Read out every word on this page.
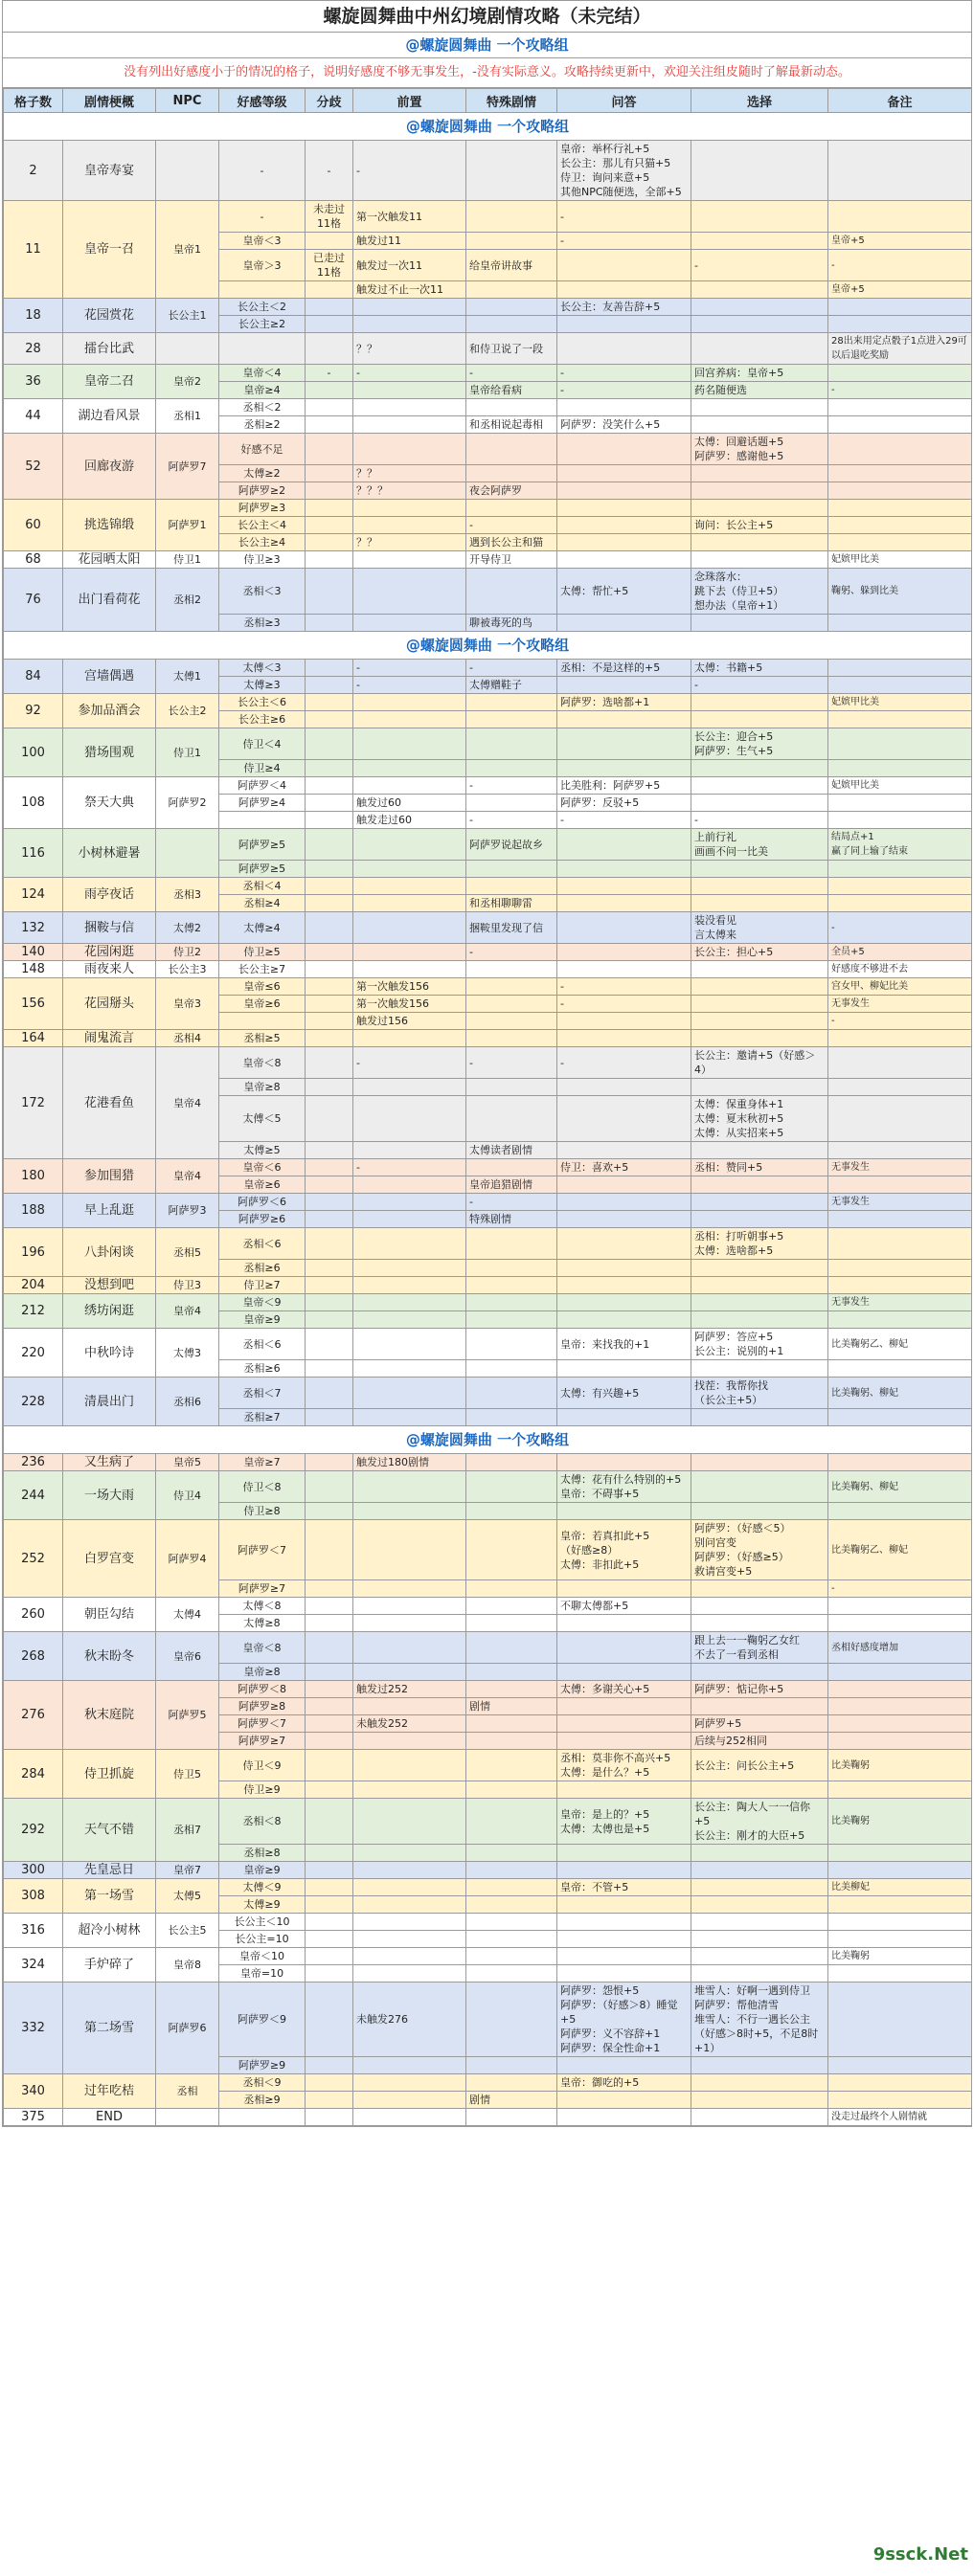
螺旋圆舞曲中州幻境剧情攻略（未完结）
@螺旋圆舞曲 一个攻略组
没有列出好感度小于的情况的格子，说明好感度不够无事发生，-没有实际意义。攻略持续更新中，欢迎关注组皮随时了解最新动态。
格子数	剧情梗概	NPC	好感等级	分歧	前置	特殊剧情	问答	选择	备注
@螺旋圆舞曲 一个攻略组									
2	皇帝寿宴		-	-	-		皇帝：举杯行礼+5
长公主：那儿有只猫+5
侍卫：询问来意+5
其他NPC随便选，全部+5		
11	皇帝一召	皇帝1	-	未走过11格	第一次触发11		-		
			皇帝＜3		触发过11		-		皇帝+5
			皇帝＞3	已走过11格	触发过一次11	给皇帝讲故事		-	-
					触发过不止一次11				皇帝+5
18	花园赏花	长公主1	长公主＜2				长公主：友善告辞+5		
			长公主≥2						
28	擂台比武				？？	和侍卫说了一段			28出来用定点骰子1点进入29可以后退吃奖励
36	皇帝二召	皇帝2	皇帝＜4	-	-	-	-	回宫养病：皇帝+5	
			皇帝≥4			皇帝给看病	-	药名随便选	-
44	湖边看风景	丞相1	丞相＜2						
			丞相≥2			和丞相说起毒相	阿萨罗：没笑什么+5		
52	回廊夜游	阿萨罗7	好感不足					太傅：回避话题+5
阿萨罗：感谢他+5	
			太傅≥2		？？				
			阿萨罗≥2		？？？	夜会阿萨罗			
60	挑选锦缎	阿萨罗1	阿萨罗≥3						
			长公主＜4			-		询问：长公主+5	
			长公主≥4		？？	遇到长公主和猫			
68	花园晒太阳	侍卫1	侍卫≥3			开导侍卫			妃嫔甲比美
76	出门看荷花	丞相2	丞相＜3				太傅：帮忙+5	念珠落水：
跳下去（侍卫+5）
想办法（皇帝+1）	鞠躬、躲到比美
			丞相≥3			聊被毒死的鸟			
@螺旋圆舞曲 一个攻略组									
84	宫墙偶遇	太傅1	太傅＜3		-	-	丞相：不是这样的+5	太傅：书籍+5	
			太傅≥3		-	太傅赠鞋子		-	
92	参加品酒会	长公主2	长公主＜6				阿萨罗：选啥都+1		妃嫔甲比美
			长公主≥6						
100	猎场围观	侍卫1	侍卫＜4					长公主：迎合+5
阿萨罗：生气+5	
			侍卫≥4						
108	祭天大典	阿萨罗2	阿萨罗＜4			-	比美胜利：阿萨罗+5		妃嫔甲比美
			阿萨罗≥4		触发过60		阿萨罗：反驳+5		
					触发走过60	-	-	-	
116	小树林避暑		阿萨罗≥5			阿萨罗说起故乡		上前行礼
画画不问一比美	结局点+1
赢了同上输了结束
			阿萨罗≥5						
124	雨亭夜话	丞相3	丞相＜4						
			丞相≥4			和丞相聊聊雷			
132	捆鞍与信	太傅2	太傅≥4			捆鞍里发现了信		装没看见
言太傅来	-
140	花园闲逛	侍卫2	侍卫≥5			-		长公主：担心+5	全员+5
148	雨夜来人	长公主3	长公主≥7						好感度不够进不去
156	花园掰头	皇帝3	皇帝≤6		第一次触发156		-		宫女甲、柳妃比美
			皇帝≥6		第一次触发156		-		无事发生
					触发过156				-
164	闹鬼流言	丞相4	丞相≥5						
172	花港看鱼	皇帝4	皇帝＜8		-	-	-	长公主：邀请+5（好感＞4）	
			皇帝≥8						
			太傅＜5					太傅：保重身体+1
太傅：夏末秋初+5
太傅：从实招来+5	
			太傅≥5			太傅读者剧情			
180	参加围猎	皇帝4	皇帝＜6		-		侍卫：喜欢+5	丞相：赞同+5	无事发生
			皇帝≥6			皇帝追猎剧情			
188	早上乱逛	阿萨罗3	阿萨罗＜6			-			无事发生
			阿萨罗≥6			特殊剧情			
196	八卦闲谈	丞相5	丞相＜6					丞相：打听朝事+5
太傅：选啥都+5	
			丞相≥6						
204	没想到吧	侍卫3	侍卫≥7						
212	绣坊闲逛	皇帝4	皇帝＜9						无事发生
			皇帝≥9						
220	中秋吟诗	太傅3	丞相＜6				皇帝：来找我的+1	阿萨罗：答应+5
长公主：说别的+1	比美鞠躬乙、柳妃
			丞相≥6						
228	清晨出门	丞相6	丞相＜7				太傅：有兴趣+5	找茬：我帮你找
（长公主+5）	比美鞠躬、柳妃
			丞相≥7						
@螺旋圆舞曲 一个攻略组									
236	又生病了	皇帝5	皇帝≥7		触发过180剧情				
244	一场大雨	侍卫4	侍卫＜8				太傅：花有什么特别的+5
皇帝：不碍事+5		比美鞠躬、柳妃
			侍卫≥8						
252	白罗宫变	阿萨罗4	阿萨罗＜7				皇帝：若真扣此+5
（好感≥8）
太傅：非扣此+5	阿萨罗：（好感＜5）
别问宫变
阿萨罗：（好感≥5）
救请宫变+5	比美鞠躬乙、柳妃
			阿萨罗≥7						-
260	朝臣勾结	太傅4	太傅＜8				不聊太傅都+5		
			太傅≥8						
268	秋末盼冬	皇帝6	皇帝＜8					跟上去一一鞠躬乙女红
不去了一看到丞相	丞相好感度增加
			皇帝≥8						
276	秋末庭院	阿萨罗5	阿萨罗＜8		触发过252		太傅：多谢关心+5	阿萨罗：惦记你+5	
			阿萨罗≥8			剧情			
			阿萨罗＜7		未触发252			阿萨罗+5	
			阿萨罗≥7					后续与252相同	
284	侍卫抓旋	侍卫5	侍卫＜9				丞相：莫非你不高兴+5
太傅：是什么？+5	长公主：问长公主+5	比美鞠躬
			侍卫≥9						
292	天气不错	丞相7	丞相＜8				皇帝：是上的？+5
太傅：太傅也是+5	长公主：陶大人一一信你+5
长公主：刚才的大臣+5	比美鞠躬
			丞相≥8						
300	先皇忌日	皇帝7	皇帝≥9						
308	第一场雪	太傅5	太傅＜9				皇帝：不管+5		比美柳妃
			太傅≥9						
316	超冷小树林	长公主5	长公主＜10						
			长公主=10						
324	手炉碎了	皇帝8	皇帝＜10						比美鞠躬
			皇帝=10						
332	第二场雪	阿萨罗6	阿萨罗＜9		未触发276		阿萨罗：怨恨+5
阿萨罗：（好感＞8）睡觉+5
阿萨罗：义不容辞+1
阿萨罗：保全性命+1	堆雪人：好啊一遇到侍卫
阿萨罗：帮他清雪
堆雪人：不行一遇长公主
（好感＞8时+5，不足8时+1）	
			阿萨罗≥9						
340	过年吃桔	丞相	丞相＜9				皇帝：御吃的+5		
			丞相≥9			剧情			
375	END								没走过最终个人剧情就
9ssck.Net
